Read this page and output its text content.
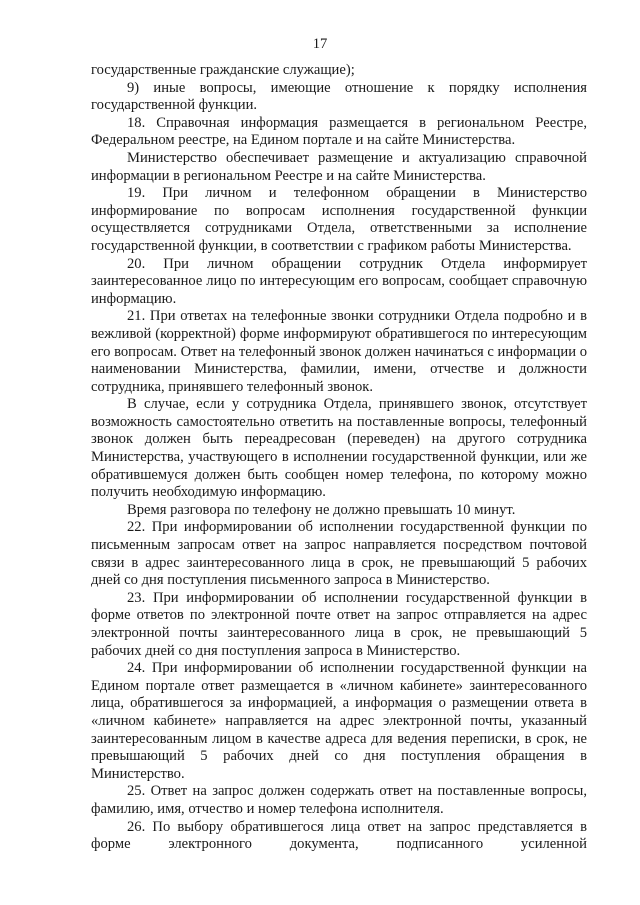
17

государственные гражданские служащие);

9) иные вопросы, имеющие отношение к порядку исполнения государственной функции.

18. Справочная информация размещается в региональном Реестре, Федеральном реестре, на Едином портале и на сайте Министерства.

Министерство обеспечивает размещение и актуализацию справочной информации в региональном Реестре и на сайте Министерства.

19. При личном и телефонном обращении в Министерство информирование по вопросам исполнения государственной функции осуществляется сотрудниками Отдела, ответственными за исполнение государственной функции, в соответствии с графиком работы Министерства.

20. При личном обращении сотрудник Отдела информирует заинтересованное лицо по интересующим его вопросам, сообщает справочную информацию.

21. При ответах на телефонные звонки сотрудники Отдела подробно и в вежливой (корректной) форме информируют обратившегося по интересующим его вопросам. Ответ на телефонный звонок должен начинаться с информации о наименовании Министерства, фамилии, имени, отчестве и должности сотрудника, принявшего телефонный звонок.

В случае, если у сотрудника Отдела, принявшего звонок, отсутствует возможность самостоятельно ответить на поставленные вопросы, телефонный звонок должен быть переадресован (переведен) на другого сотрудника Министерства, участвующего в исполнении государственной функции, или же обратившемуся должен быть сообщен номер телефона, по которому можно получить необходимую информацию.

Время разговора по телефону не должно превышать 10 минут.

22. При информировании об исполнении государственной функции по письменным запросам ответ на запрос направляется посредством почтовой связи в адрес заинтересованного лица в срок, не превышающий 5 рабочих дней со дня поступления письменного запроса в Министерство.

23. При информировании об исполнении государственной функции в форме ответов по электронной почте ответ на запрос отправляется на адрес электронной почты заинтересованного лица в срок, не превышающий 5 рабочих дней со дня поступления запроса в Министерство.

24. При информировании об исполнении государственной функции на Едином портале ответ размещается в «личном кабинете» заинтересованного лица, обратившегося за информацией, а информация о размещении ответа в «личном кабинете» направляется на адрес электронной почты, указанный заинтересованным лицом в качестве адреса для ведения переписки, в срок, не превышающий 5 рабочих дней со дня поступления обращения в Министерство.

25. Ответ на запрос должен содержать ответ на поставленные вопросы, фамилию, имя, отчество и номер телефона исполнителя.

26. По выбору обратившегося лица ответ на запрос представляется в форме электронного документа, подписанного усиленной
